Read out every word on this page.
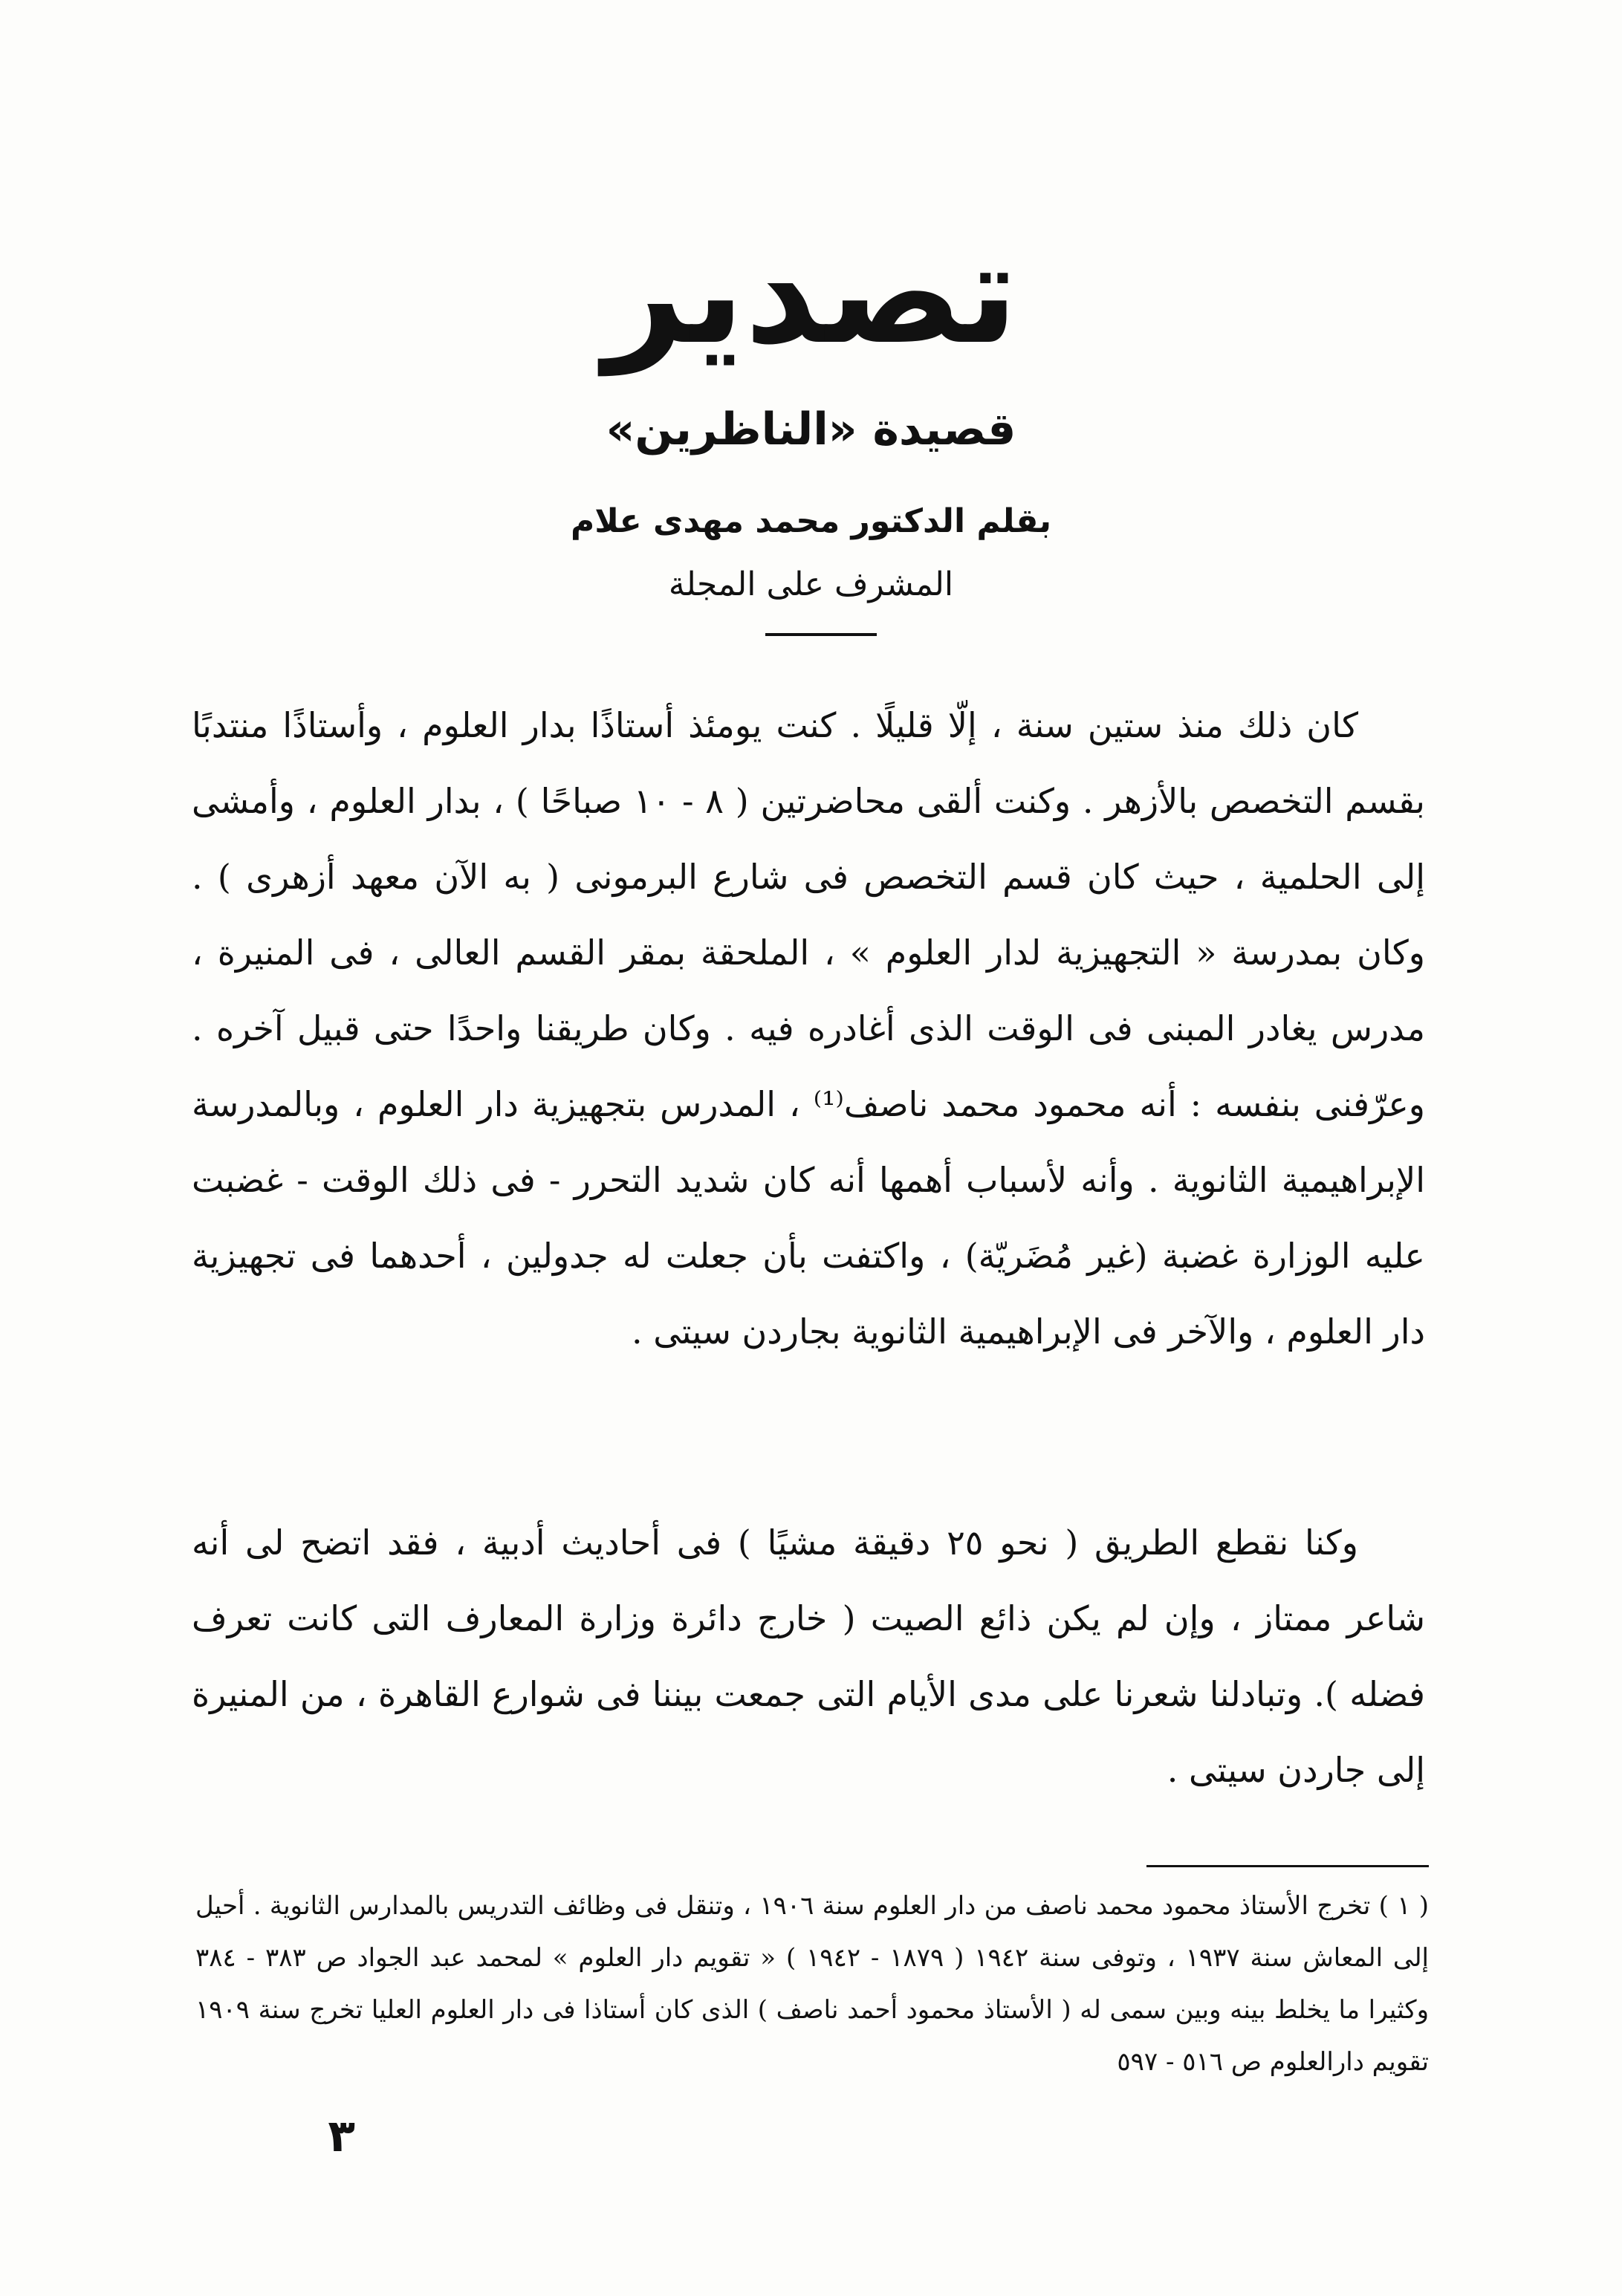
تصدير
قصيدة «الناظرين»
بقلم الدكتور محمد مهدى علام
المشرف على المجلة

كان ذلك منذ ستين سنة ، إلّا قليلًا . كنت يومئذ أستاذًا بدار العلوم ، وأستاذًا منتدبًا بقسم التخصص بالأزهر . وكنت ألقى محاضرتين ( ٨ - ١٠ صباحًا ) ، بدار العلوم ، وأمشى إلى الحلمية ، حيث كان قسم التخصص فى شارع البرمونى ( به الآن معهد أزهرى ) . وكان بمدرسة « التجهيزية لدار العلوم » ، الملحقة بمقر القسم العالى ، فى المنيرة ، مدرس يغادر المبنى فى الوقت الذى أغادره فيه . وكان طريقنا واحدًا حتى قبيل آخره . وعرّفنى بنفسه : أنه محمود محمد ناصف⁽¹⁾ ، المدرس بتجهيزية دار العلوم ، وبالمدرسة الإبراهيمية الثانوية . وأنه لأسباب أهمها أنه كان شديد التحرر - فى ذلك الوقت - غضبت عليه الوزارة غضبة (غير مُضَريّة) ، واكتفت بأن جعلت له جدولين ، أحدهما فى تجهيزية دار العلوم ، والآخر فى الإبراهيمية الثانوية بجاردن سيتى .

وكنا نقطع الطريق ( نحو ٢٥ دقيقة مشيًا ) فى أحاديث أدبية ، فقد اتضح لى أنه شاعر ممتاز ، وإن لم يكن ذائع الصيت ( خارج دائرة وزارة المعارف التى كانت تعرف فضله ). وتبادلنا شعرنا على مدى الأيام التى جمعت بيننا فى شوارع القاهرة ، من المنيرة إلى جاردن سيتى .

( ١ ) تخرج الأستاذ محمود محمد ناصف من دار العلوم سنة ١٩٠٦ ، وتنقل فى وظائف التدريس بالمدارس الثانوية . أحيل إلى المعاش سنة ١٩٣٧ ، وتوفى سنة ١٩٤٢ ( ١٨٧٩ - ١٩٤٢ ) « تقويم دار العلوم » لمحمد عبد الجواد ص ٣٨٣ - ٣٨٤ وكثيرا ما يخلط بينه وبين سمى له ( الأستاذ محمود أحمد ناصف ) الذى كان أستاذا فى دار العلوم العليا تخرج سنة ١٩٠٩ تقويم دارالعلوم ص ٥١٦ - ٥٩٧

٣
